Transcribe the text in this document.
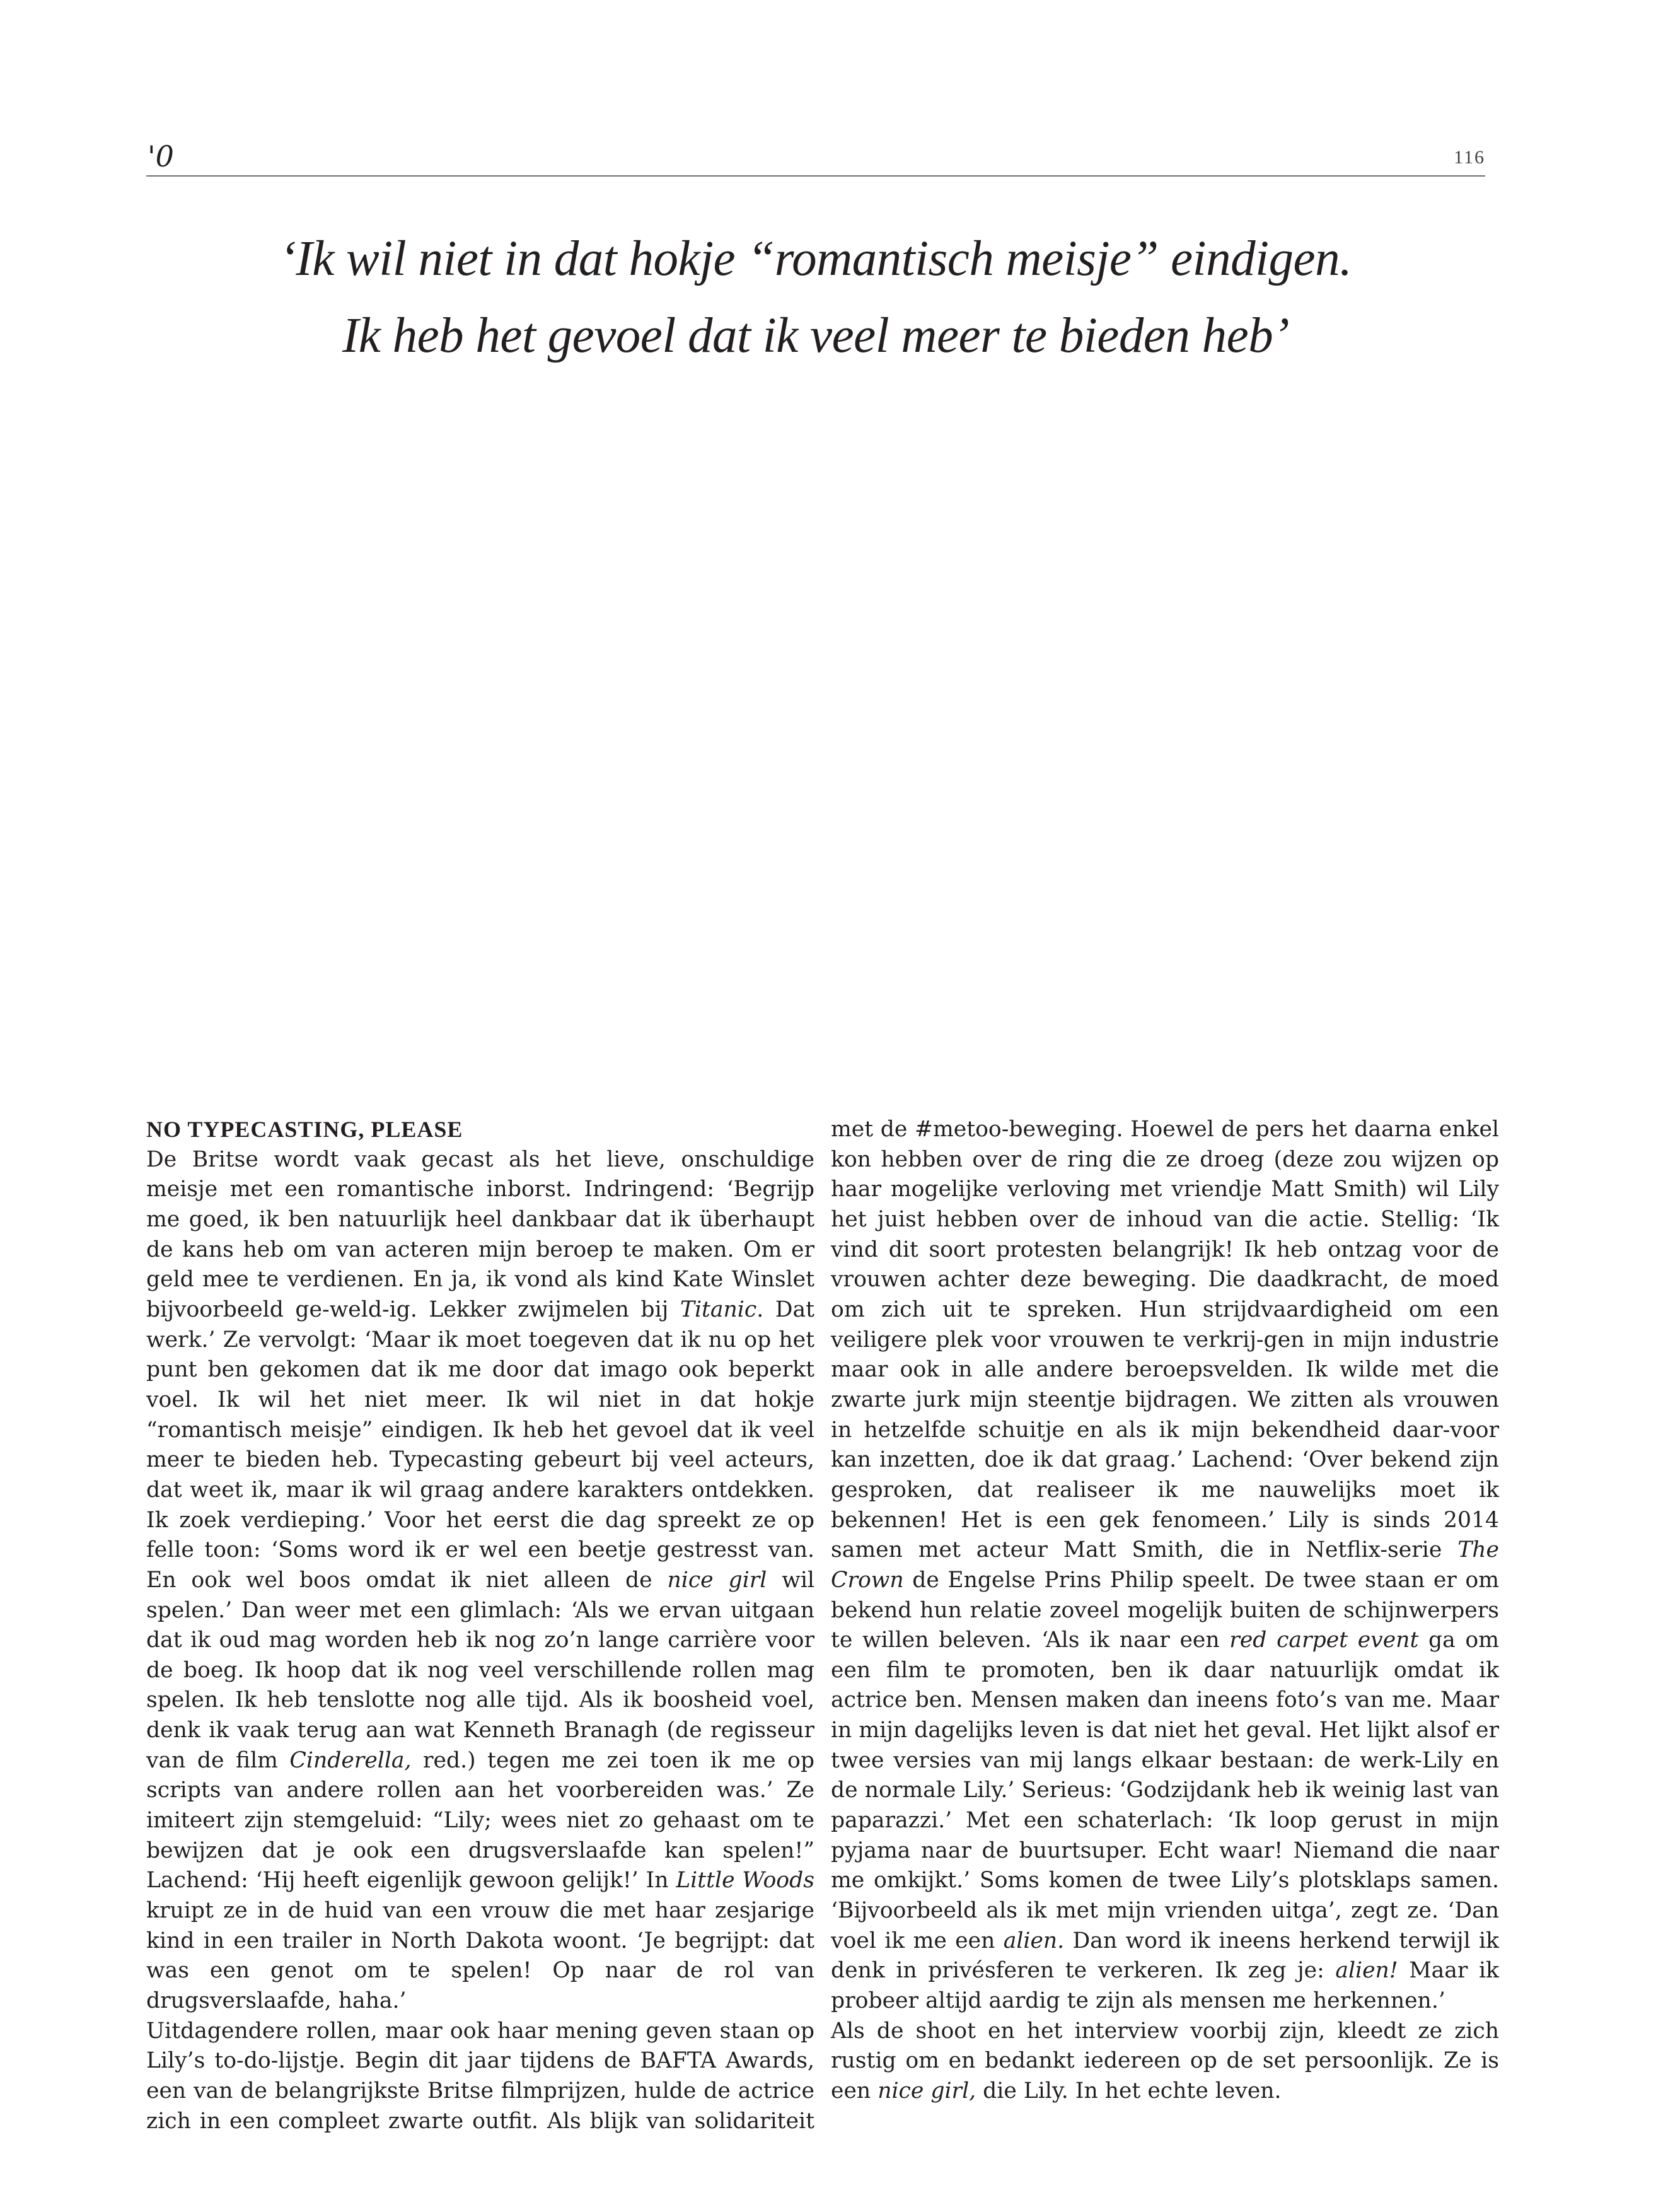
'0	116
‘Ik wil niet in dat hokje “romantisch meisje” eindigen.
Ik heb het gevoel dat ik veel meer te bieden heb’
NO TYPECASTING, PLEASE

De Britse wordt vaak gecast als het lieve, onschuldige meisje met een romantische inborst. Indringend: ‘Begrijp me goed, ik ben natuurlijk heel dankbaar dat ik überhaupt de kans heb om van acteren mijn beroep te maken. Om er geld mee te verdienen. En ja, ik vond als kind Kate Winslet bijvoorbeeld ge-weld-ig. Lekker zwijmelen bij Titanic. Dat werk.’ Ze vervolgt: ‘Maar ik moet toegeven dat ik nu op het punt ben gekomen dat ik me door dat imago ook beperkt voel. Ik wil het niet meer. Ik wil niet in dat hokje “romantisch meisje” eindigen. Ik heb het gevoel dat ik veel meer te bieden heb. Typecasting gebeurt bij veel acteurs, dat weet ik, maar ik wil graag andere karakters ontdekken. Ik zoek verdieping.’ Voor het eerst die dag spreekt ze op felle toon: ‘Soms word ik er wel een beetje gestresst van. En ook wel boos omdat ik niet alleen de nice girl wil spelen.’ Dan weer met een glimlach: ‘Als we ervan uitgaan dat ik oud mag worden heb ik nog zo’n lange carrière voor de boeg. Ik hoop dat ik nog veel verschillende rollen mag spelen. Ik heb tenslotte nog alle tijd. Als ik boosheid voel, denk ik vaak terug aan wat Kenneth Branagh (de regisseur van de film Cinderella, red.) tegen me zei toen ik me op scripts van andere rollen aan het voorbereiden was.’ Ze imiteert zijn stemgeluid: “Lily; wees niet zo gehaast om te bewijzen dat je ook een drugsverslaafde kan spelen!” Lachend: ‘Hij heeft eigenlijk gewoon gelijk!’ In Little Woods kruipt ze in de huid van een vrouw die met haar zesjarige kind in een trailer in North Dakota woont. ‘Je begrijpt: dat was een genot om te spelen! Op naar de rol van drugsverslaafde, haha.’

Uitdagendere rollen, maar ook haar mening geven staan op Lily’s to-do-lijstje. Begin dit jaar tijdens de BAFTA Awards, een van de belangrijkste Britse filmprijzen, hulde de actrice zich in een compleet zwarte outfit. Als blijk van solidariteit

met de #metoo-beweging. Hoewel de pers het daarna enkel kon hebben over de ring die ze droeg (deze zou wijzen op haar mogelijke verloving met vriendje Matt Smith) wil Lily het juist hebben over de inhoud van die actie. Stellig: ‘Ik vind dit soort protesten belangrijk! Ik heb ontzag voor de vrouwen achter deze beweging. Die daadkracht, de moed om zich uit te spreken. Hun strijdvaardigheid om een veiligere plek voor vrouwen te verkrij-gen in mijn industrie maar ook in alle andere beroepsvelden. Ik wilde met die zwarte jurk mijn steentje bijdragen. We zitten als vrouwen in hetzelfde schuitje en als ik mijn bekendheid daar-voor kan inzetten, doe ik dat graag.’ Lachend: ‘Over bekend zijn gesproken, dat realiseer ik me nauwelijks moet ik bekennen! Het is een gek fenomeen.’ Lily is sinds 2014 samen met acteur Matt Smith, die in Netflix-serie The Crown de Engelse Prins Philip speelt. De twee staan er om bekend hun relatie zoveel mogelijk buiten de schijnwerpers te willen beleven. ‘Als ik naar een red carpet event ga om een film te promoten, ben ik daar natuurlijk omdat ik actrice ben. Mensen maken dan ineens foto’s van me. Maar in mijn dagelijks leven is dat niet het geval. Het lijkt alsof er twee versies van mij langs elkaar bestaan: de werk-Lily en de normale Lily.’ Serieus: ‘Godzijdank heb ik weinig last van paparazzi.’ Met een schaterlach: ‘Ik loop gerust in mijn pyjama naar de buurtsuper. Echt waar! Niemand die naar me omkijkt.’ Soms komen de twee Lily’s plotsklaps samen. ‘Bijvoorbeeld als ik met mijn vrienden uitga’, zegt ze. ‘Dan voel ik me een alien. Dan word ik ineens herkend terwijl ik denk in privésferen te verkeren. Ik zeg je: alien! Maar ik probeer altijd aardig te zijn als mensen me herkennen.’

Als de shoot en het interview voorbij zijn, kleedt ze zich rustig om en bedankt iedereen op de set persoonlijk. Ze is een nice girl, die Lily. In het echte leven.
